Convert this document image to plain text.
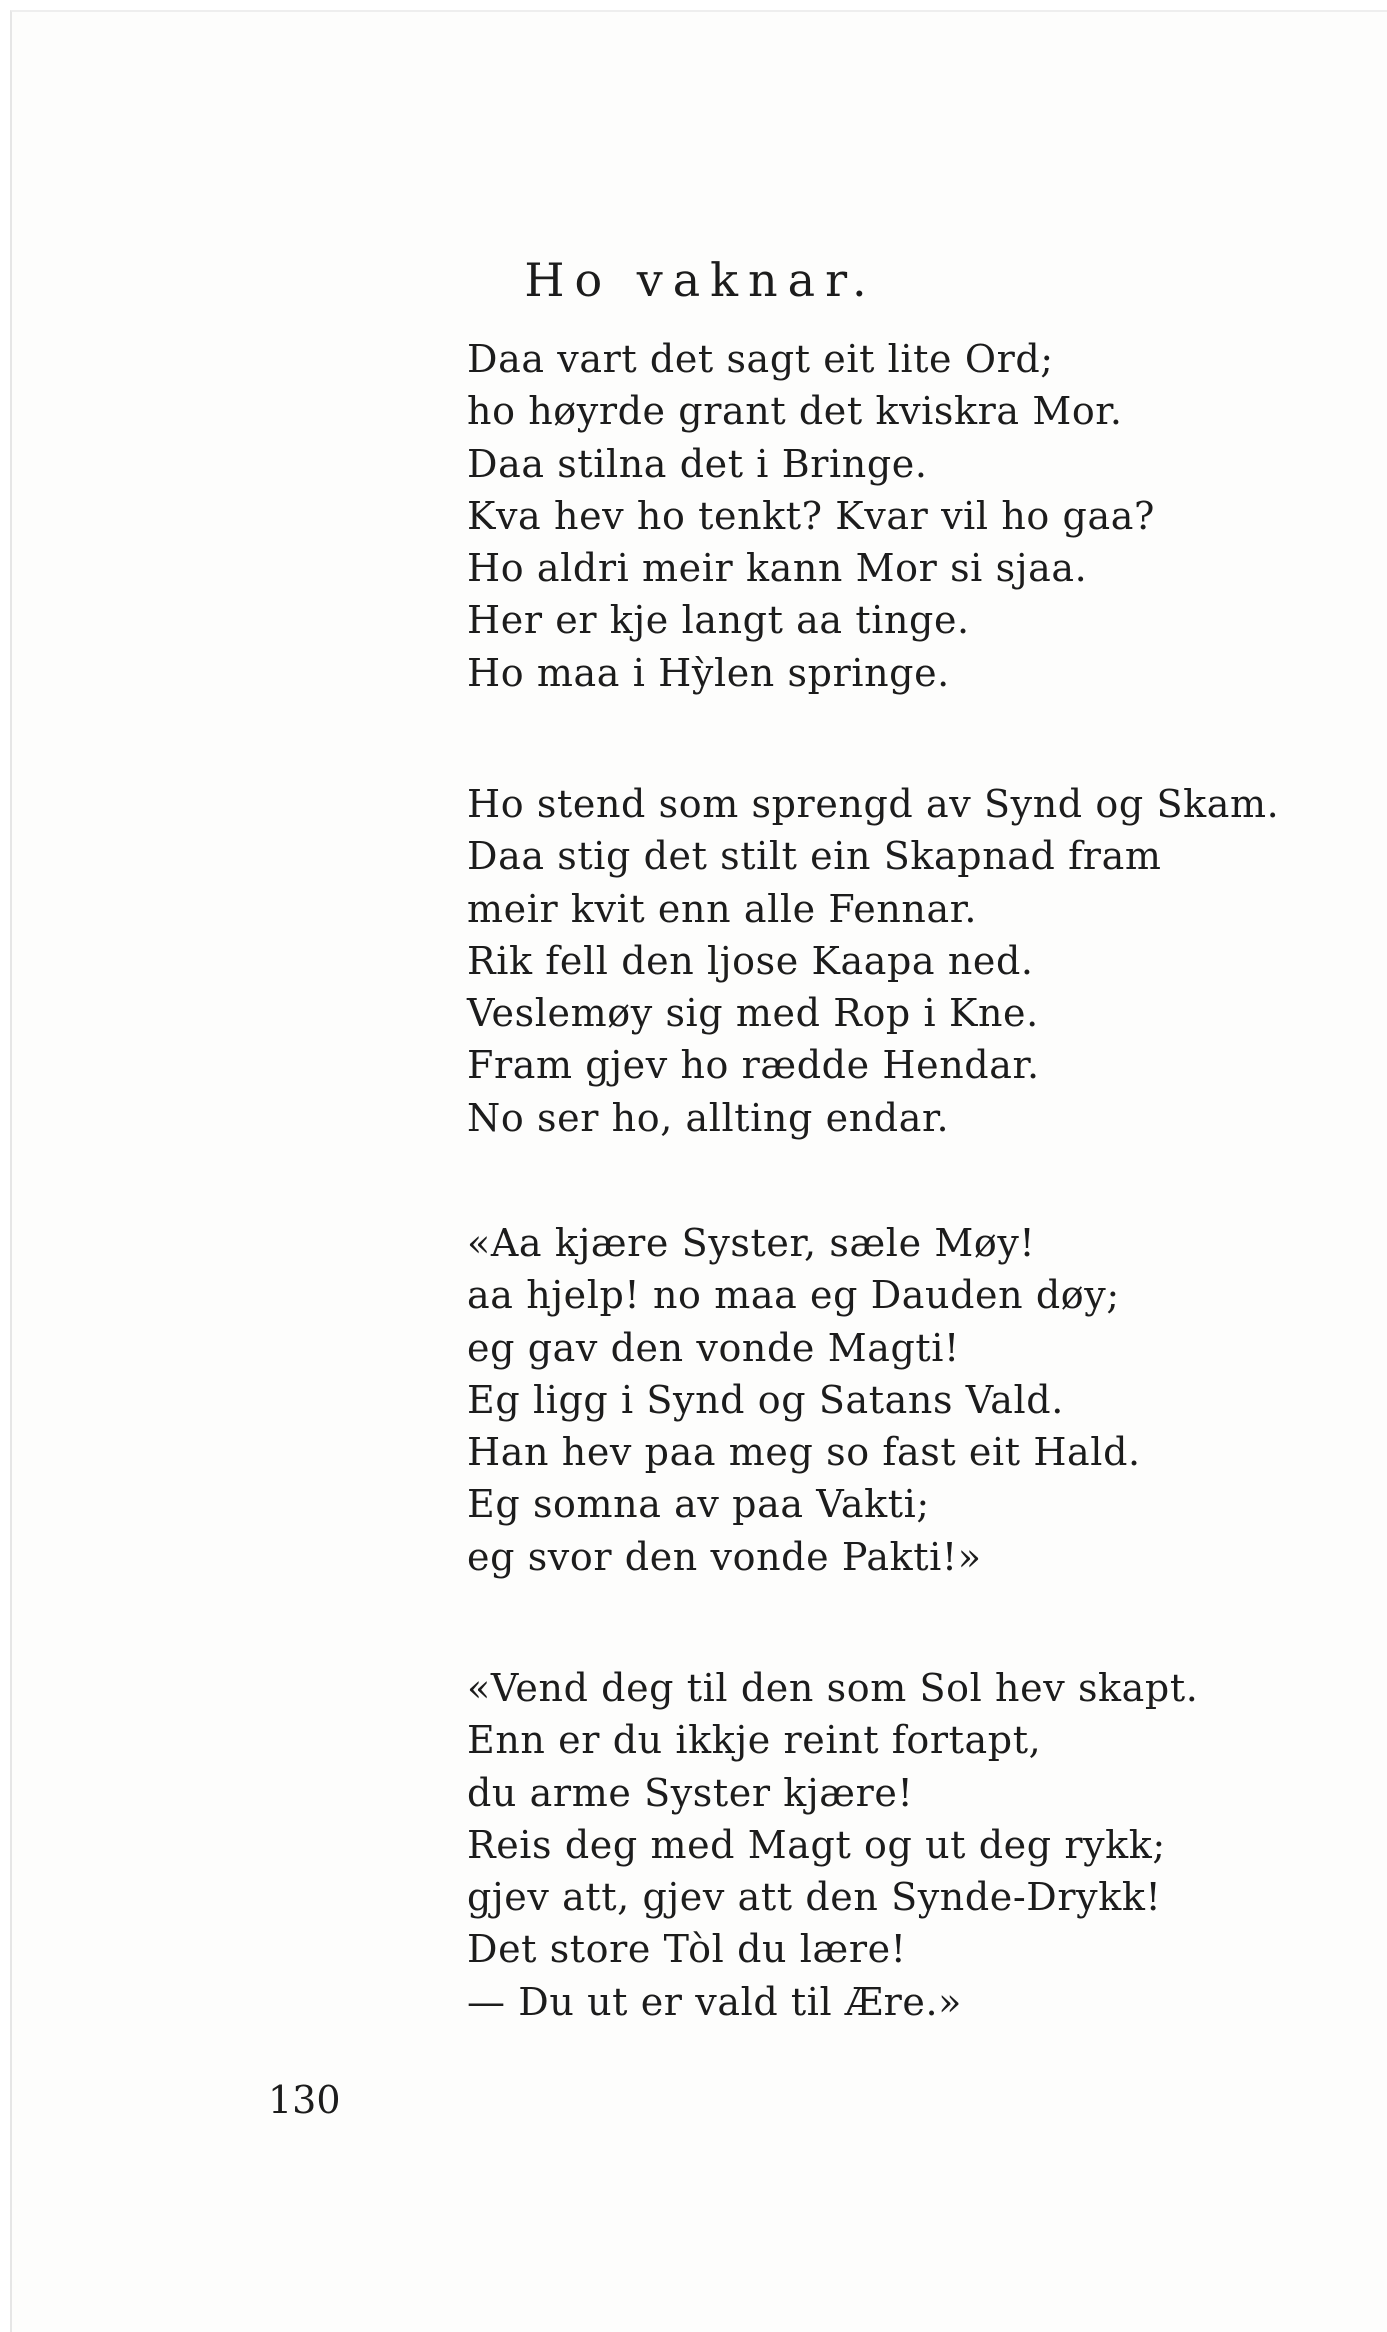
Ho vaknar.
Daa vart det sagt eit lite Ord;
ho høyrde grant det kviskra Mor.
Daa stilna det i Bringe.
Kva hev ho tenkt? Kvar vil ho gaa?
Ho aldri meir kann Mor si sjaa.
Her er kje langt aa tinge.
Ho maa i Hỳlen springe.
Ho stend som sprengd av Synd og Skam.
Daa stig det stilt ein Skapnad fram
meir kvit enn alle Fennar.
Rik fell den ljose Kaapa ned.
Veslemøy sig med Rop i Kne.
Fram gjev ho rædde Hendar.
No ser ho, allting endar.
«Aa kjære Syster, sæle Møy!
aa hjelp! no maa eg Dauden døy;
eg gav den vonde Magti!
Eg ligg i Synd og Satans Vald.
Han hev paa meg so fast eit Hald.
Eg somna av paa Vakti;
eg svor den vonde Pakti!»
«Vend deg til den som Sol hev skapt.
Enn er du ikkje reint fortapt,
du arme Syster kjære!
Reis deg med Magt og ut deg rykk;
gjev att, gjev att den Synde-Drykk!
Det store Tòl du lære!
— Du ut er vald til Ære.»
130
